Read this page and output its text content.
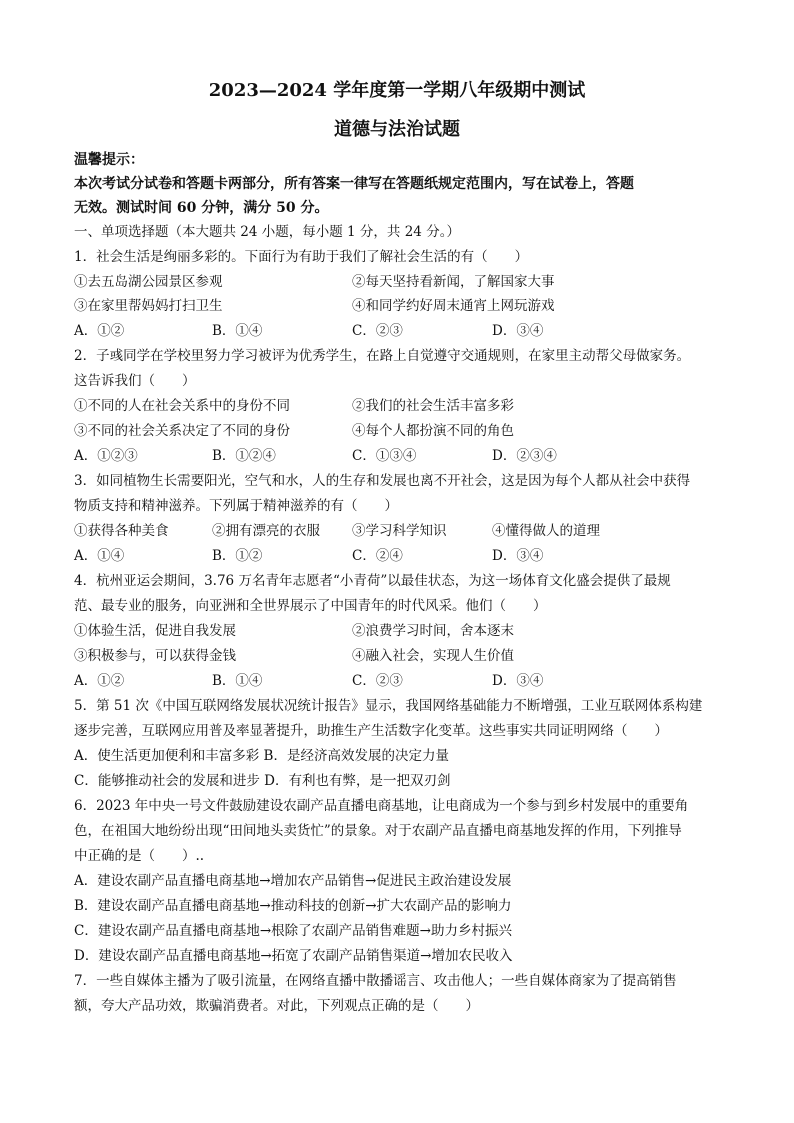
2023—2024 学年度第一学期八年级期中测试
道德与法治试题
温馨提示：
本次考试分试卷和答题卡两部分，所有答案一律写在答题纸规定范围内，写在试卷上，答题
无效。测试时间 60 分钟，满分 50 分。
一、单项选择题（本大题共 24 小题，每小题 1 分，共 24 分。）
1．社会生活是绚丽多彩的。下面行为有助于我们了解社会生活的有（　　）
①去五岛湖公园景区参观	②每天坚持看新闻，了解国家大事
③在家里帮妈妈打扫卫生	④和同学约好周末通宵上网玩游戏
A．①②	B．①④	C．②③	D．③④
2．子彧同学在学校里努力学习被评为优秀学生，在路上自觉遵守交通规则，在家里主动帮父母做家务。
这告诉我们（　　）
①不同的人在社会关系中的身份不同	②我们的社会生活丰富多彩
③不同的社会关系决定了不同的身份	④每个人都扮演不同的角色
A．①②③	B．①②④	C．①③④	D．②③④
3．如同植物生长需要阳光，空气和水，人的生存和发展也离不开社会，这是因为每个人都从社会中获得
物质支持和精神滋养。下列属于精神滋养的有（　　）
①获得各种美食	②拥有漂亮的衣服 ③学习科学知识	④懂得做人的道理
A．①④	B．①②	C．②④	D．③④
4．杭州亚运会期间，3.76 万名青年志愿者“小青荷”以最佳状态，为这一场体育文化盛会提供了最规
范、最专业的服务，向亚洲和全世界展示了中国青年的时代风采。他们（　　）
①体验生活，促进自我发展	②浪费学习时间，舍本逐末
③积极参与，可以获得金钱	④融入社会，实现人生价值
A．①②	B．①④	C．②③	D．③④
5．第 51 次《中国互联网络发展状况统计报告》显示，我国网络基础能力不断增强，工业互联网体系构建
逐步完善，互联网应用普及率显著提升，助推生产生活数字化变革。这些事实共同证明网络（　　）
A．使生活更加便利和丰富多彩 B．是经济高效发展的决定力量
C．能够推动社会的发展和进步 D．有利也有弊，是一把双刃剑
6．2023 年中央一号文件鼓励建设农副产品直播电商基地，让电商成为一个参与到乡村发展中的重要角
色，在祖国大地纷纷出现“田间地头卖货忙”的景象。对于农副产品直播电商基地发挥的作用，下列推导
中正确的是（　　）..
A．建设农副产品直播电商基地→增加农产品销售→促进民主政治建设发展
B．建设农副产品直播电商基地→推动科技的创新→扩大农副产品的影响力
C．建设农副产品直播电商基地→根除了农副产品销售难题→助力乡村振兴
D．建设农副产品直播电商基地→拓宽了农副产品销售渠道→增加农民收入
7．一些自媒体主播为了吸引流量，在网络直播中散播谣言、攻击他人；一些自媒体商家为了提高销售
额，夸大产品功效，欺骗消费者。对此，下列观点正确的是（　　）
